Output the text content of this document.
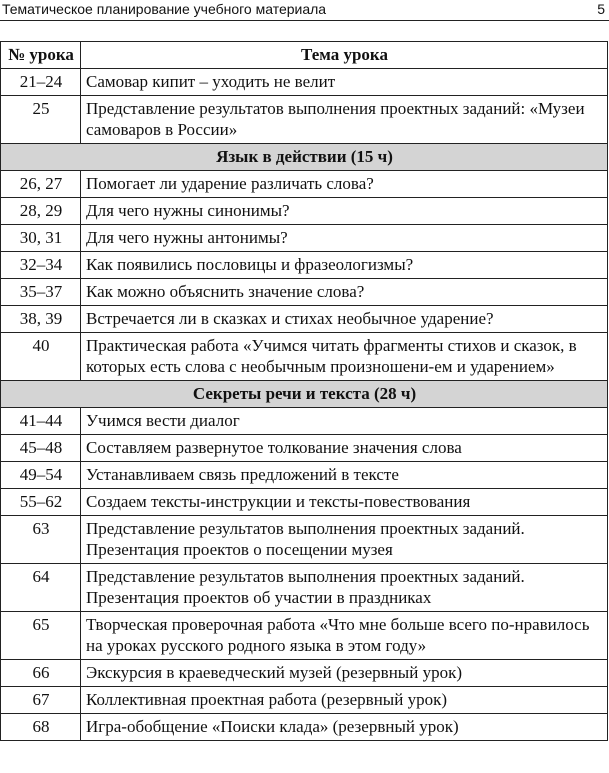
Тематическое планирование учебного материала	5
№ урока	Тема урока
21–24	Самовар кипит – уходить не велит
25	Представление результатов выполнения проектных заданий: «Музеи самоваров в России»
Язык в действии (15 ч)	
26, 27	Помогает ли ударение различать слова?
28, 29	Для чего нужны синонимы?
30, 31	Для чего нужны антонимы?
32–34	Как появились пословицы и фразеологизмы?
35–37	Как можно объяснить значение слова?
38, 39	Встречается ли в сказках и стихах необычное ударение?
40	Практическая работа «Учимся читать фрагменты стихов и сказок, в которых есть слова с необычным произношени-ем и ударением»
Секреты речи и текста (28 ч)	
41–44	Учимся вести диалог
45–48	Составляем развернутое толкование значения слова
49–54	Устанавливаем связь предложений в тексте
55–62	Создаем тексты-инструкции и тексты-повествования
63	Представление результатов выполнения проектных заданий. Презентация проектов о посещении музея
64	Представление результатов выполнения проектных заданий. Презентация проектов об участии в праздниках
65	Творческая проверочная работа «Что мне больше всего по-нравилось на уроках русского родного языка в этом году»
66	Экскурсия в краеведческий музей (резервный урок)
67	Коллективная проектная работа (резервный урок)
68	Игра-обобщение «Поиски клада» (резервный урок)
